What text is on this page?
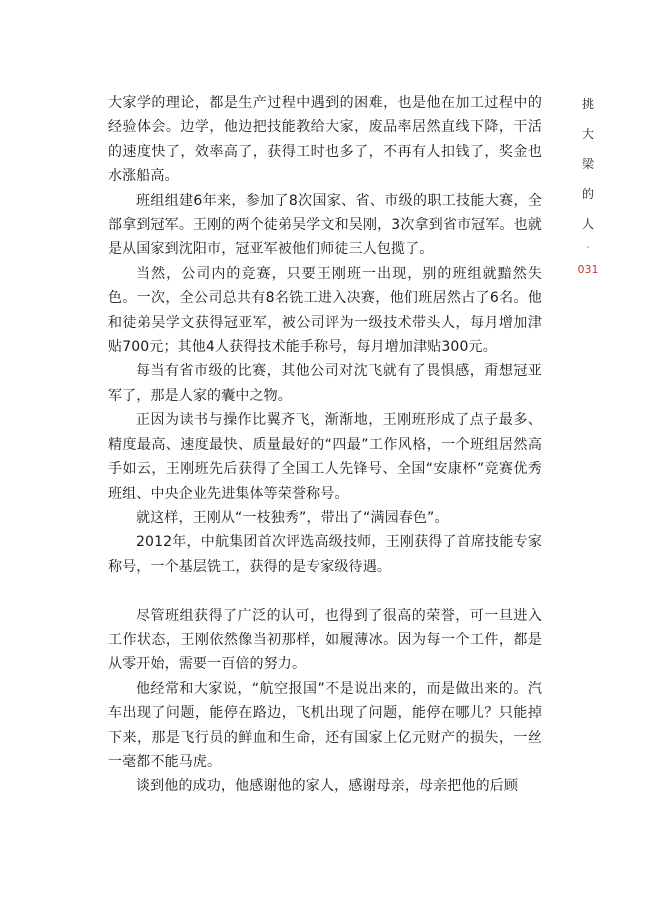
大家学的理论，都是生产过程中遇到的困难，也是他在加工过程中的经验体会。边学，他边把技能教给大家，废品率居然直线下降，干活的速度快了，效率高了，获得工时也多了，不再有人扣钱了，奖金也水涨船高。

班组组建6年来，参加了8次国家、省、市级的职工技能大赛，全部拿到冠军。王刚的两个徒弟吴学文和吴刚，3次拿到省市冠军。也就是从国家到沈阳市，冠亚军被他们师徒三人包揽了。

当然，公司内的竞赛，只要王刚班一出现，别的班组就黯然失色。一次，全公司总共有8名铣工进入决赛，他们班居然占了6名。他和徒弟吴学文获得冠亚军，被公司评为一级技术带头人，每月增加津贴700元；其他4人获得技术能手称号，每月增加津贴300元。

每当有省市级的比赛，其他公司对沈飞就有了畏惧感，甭想冠亚军了，那是人家的囊中之物。

正因为读书与操作比翼齐飞，渐渐地，王刚班形成了点子最多、精度最高、速度最快、质量最好的“四最”工作风格，一个班组居然高手如云，王刚班先后获得了全国工人先锋号、全国“安康杯”竞赛优秀班组、中央企业先进集体等荣誉称号。

就这样，王刚从“一枝独秀”，带出了“满园春色”。

2012年，中航集团首次评选高级技师，王刚获得了首席技能专家称号，一个基层铣工，获得的是专家级待遇。

尽管班组获得了广泛的认可，也得到了很高的荣誉，可一旦进入工作状态，王刚依然像当初那样，如履薄冰。因为每一个工件，都是从零开始，需要一百倍的努力。

他经常和大家说，“航空报国”不是说出来的，而是做出来的。汽车出现了问题，能停在路边，飞机出现了问题，能停在哪儿？只能掉下来，那是飞行员的鲜血和生命，还有国家上亿元财产的损失，一丝一毫都不能马虎。

谈到他的成功，他感谢他的家人，感谢母亲，母亲把他的后顾

挑
大
梁
的
人
-
031
